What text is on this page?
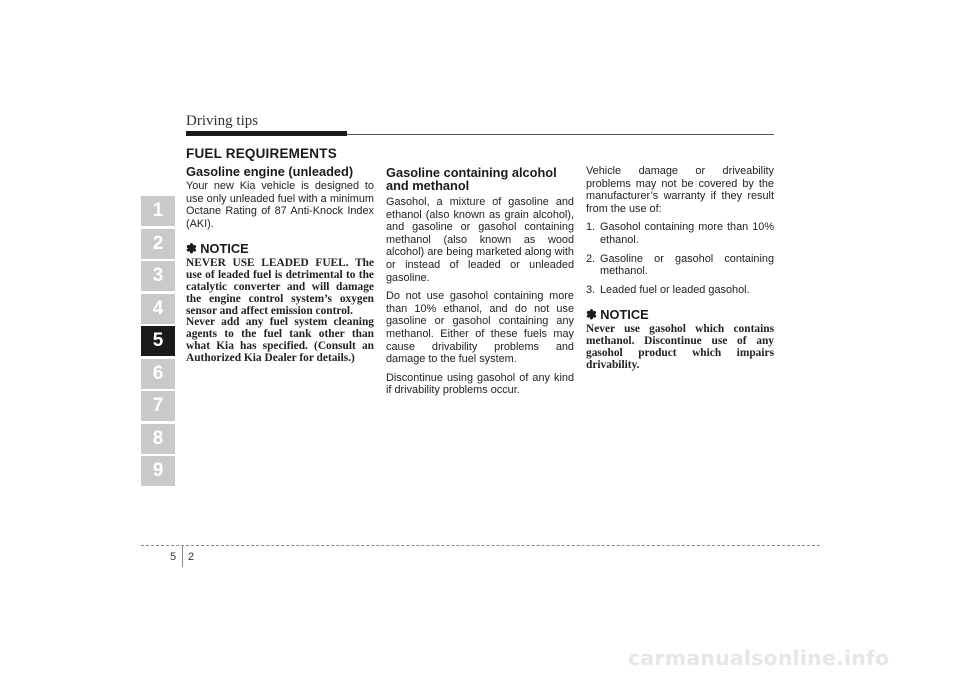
Driving tips
1
2
3
4
5
6
7
8
9
FUEL REQUIREMENTS
Gasoline engine (unleaded)

Your new Kia vehicle is designed to use only unleaded fuel with a minimum Octane Rating of 87 Anti-Knock Index (AKI).

✽ NOTICE

NEVER USE LEADED FUEL. The use of leaded fuel is detrimental to the catalytic converter and will damage the engine control system’s oxygen sensor and affect emission control.

Never add any fuel system cleaning agents to the fuel tank other than what Kia has specified. (Consult an Authorized Kia Dealer for details.)

Gasoline containing alcohol and methanol

Gasohol, a mixture of gasoline and ethanol (also known as grain alcohol), and gasoline or gasohol containing methanol (also known as wood alcohol) are being marketed along with or instead of leaded or unleaded gasoline.

Do not use gasohol containing more than 10% ethanol, and do not use gasoline or gasohol containing any methanol. Either of these fuels may cause drivability problems and damage to the fuel system.

Discontinue using gasohol of any kind if drivability problems occur.

Vehicle damage or driveability problems may not be covered by the manufacturer’s warranty if they result from the use of:

1. Gasohol containing more than 10% ethanol.
2. Gasoline or gasohol containing methanol.
3. Leaded fuel or leaded gasohol.
✽ NOTICE

Never use gasohol which contains methanol. Discontinue use of any gasohol product which impairs drivability.

5 2
carmanualsonline.info
